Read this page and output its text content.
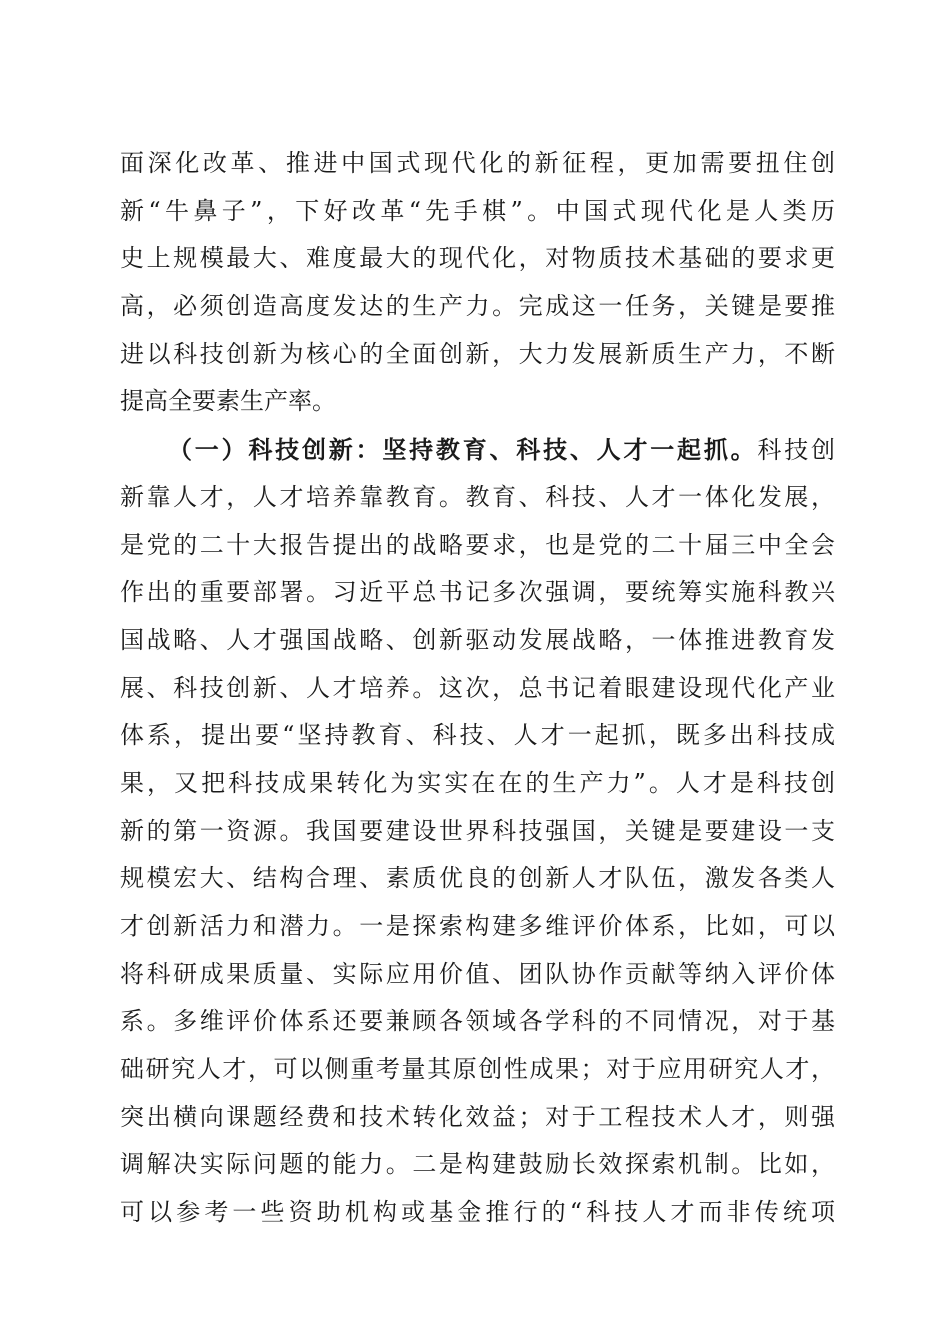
面深化改革、推进中国式现代化的新征程，更加需要扭住创
新“牛鼻子”，下好改革“先手棋”。中国式现代化是人类历
史上规模最大、难度最大的现代化，对物质技术基础的要求更
高，必须创造高度发达的生产力。完成这一任务，关键是要推
进以科技创新为核心的全面创新，大力发展新质生产力，不断
提高全要素生产率。
（一）科技创新：坚持教育、科技、人才一起抓。科技创
新靠人才，人才培养靠教育。教育、科技、人才一体化发展，
是党的二十大报告提出的战略要求，也是党的二十届三中全会
作出的重要部署。习近平总书记多次强调，要统筹实施科教兴
国战略、人才强国战略、创新驱动发展战略，一体推进教育发
展、科技创新、人才培养。这次，总书记着眼建设现代化产业
体系，提出要“坚持教育、科技、人才一起抓，既多出科技成
果，又把科技成果转化为实实在在的生产力”。人才是科技创
新的第一资源。我国要建设世界科技强国，关键是要建设一支
规模宏大、结构合理、素质优良的创新人才队伍，激发各类人
才创新活力和潜力。一是探索构建多维评价体系，比如，可以
将科研成果质量、实际应用价值、团队协作贡献等纳入评价体
系。多维评价体系还要兼顾各领域各学科的不同情况，对于基
础研究人才，可以侧重考量其原创性成果；对于应用研究人才，
突出横向课题经费和技术转化效益；对于工程技术人才，则强
调解决实际问题的能力。二是构建鼓励长效探索机制。比如，
可以参考一些资助机构或基金推行的“科技人才而非传统项
